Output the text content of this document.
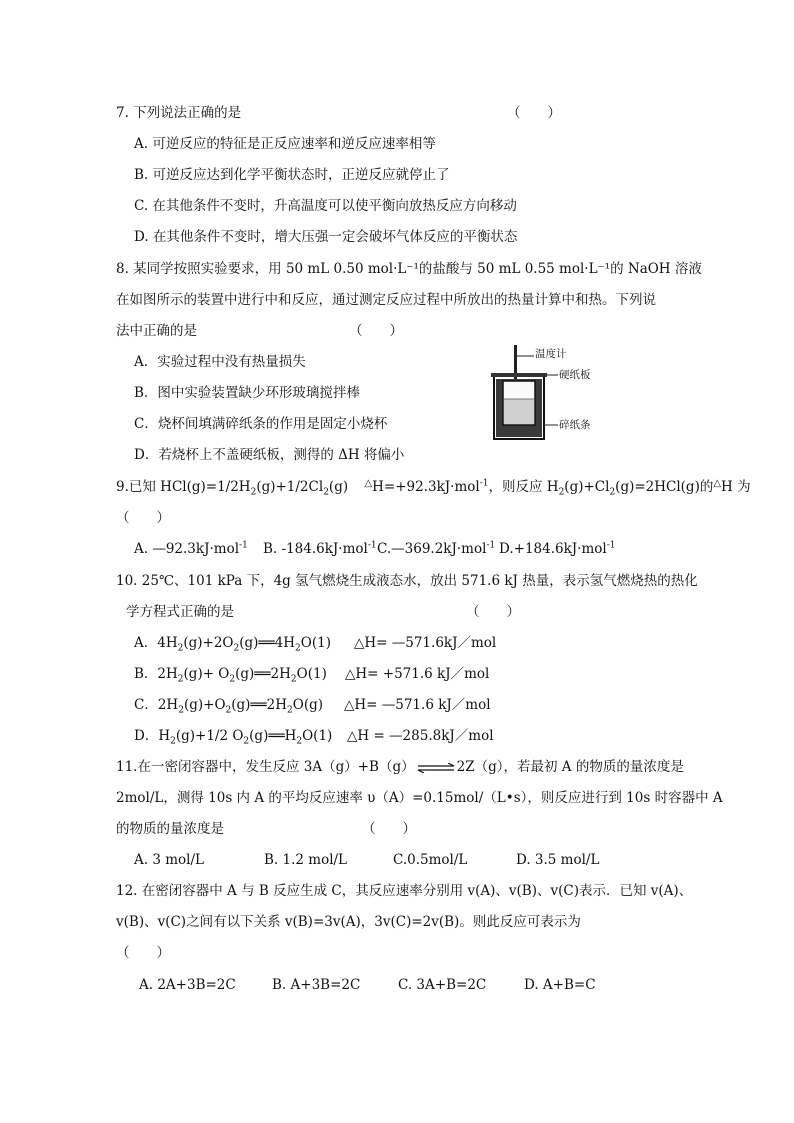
7. 下列说法正确的是	（　　）
A. 可逆反应的特征是正反应速率和逆反应速率相等
B. 可逆反应达到化学平衡状态时，正逆反应就停止了
C. 在其他条件不变时，升高温度可以使平衡向放热反应方向移动
D. 在其他条件不变时，增大压强一定会破坏气体反应的平衡状态
8. 某同学按照实验要求，用 50 mL 0.50 mol·L⁻¹的盐酸与 50 mL 0.55 mol·L⁻¹的 NaOH 溶液
在如图所示的装置中进行中和反应，通过测定反应过程中所放出的热量计算中和热。下列说
法中正确的是	（　　）
A．实验过程中没有热量损失
B．图中实验装置缺少环形玻璃搅拌棒
C．烧杯间填满碎纸条的作用是固定小烧杯
D．若烧杯上不盖硬纸板，测得的 ΔH 将偏小
温度计
硬纸板
碎纸条
9.已知 $HCl(g)=1/2H_2(g)+1/2Cl_2(g)$ △H=+92.3kJ·mol$^{-1}$，则反应 $H_2(g)+Cl_2(g)=2HCl(g)$的△H 为
（　　）
A. —92.3kJ·mol$^{-1}$ B. -184.6kJ·mol$^{-1}$ C.—369.2kJ·mol$^{-1}$ D.+184.6kJ·mol$^{-1}$
10. 25℃、101 kPa 下，4g 氢气燃烧生成液态水，放出 571.6 kJ 热量，表示氢气燃烧热的热化
学方程式正确的是	（　　）
A．$4H_2(g)+2O_2(g)══4H_2O(1)$ △H= —571.6kJ／mol
B．$2H_2(g)+$ $O_2(g)══2H_2O(1)$ △H= +571.6 kJ／mol
C．$2H_2(g)+O_2(g)══2H_2O(g)$ △H= —571.6 kJ／mol
D．$H_2(g)+1/2$ $O_2(g)══H_2O(1)$ △H = —285.8kJ／mol
11.在一密闭容器中，发生反应 3A（g）+B（g） ⇌ 2Z（g），若最初 A 的物质的量浓度是
2mol/L，测得 10s 内 A 的平均反应速率 υ（A）=0.15mol/（L•s），则反应进行到 10s 时容器中 A
的物质的量浓度是	（　　）
A. 3 mol/L	B. 1.2 mol/L	C.0.5mol/L	D. 3.5 mol/L
12. 在密闭容器中 A 与 B 反应生成 C，其反应速率分别用 v(A)、v(B)、v(C)表示．已知 v(A)、
v(B)、v(C)之间有以下关系 v(B)=3v(A)，3v(C)=2v(B)。则此反应可表示为
（　　）
A. 2A+3B=2C	B. A+3B=2C	C. 3A+B=2C	D. A+B=C
